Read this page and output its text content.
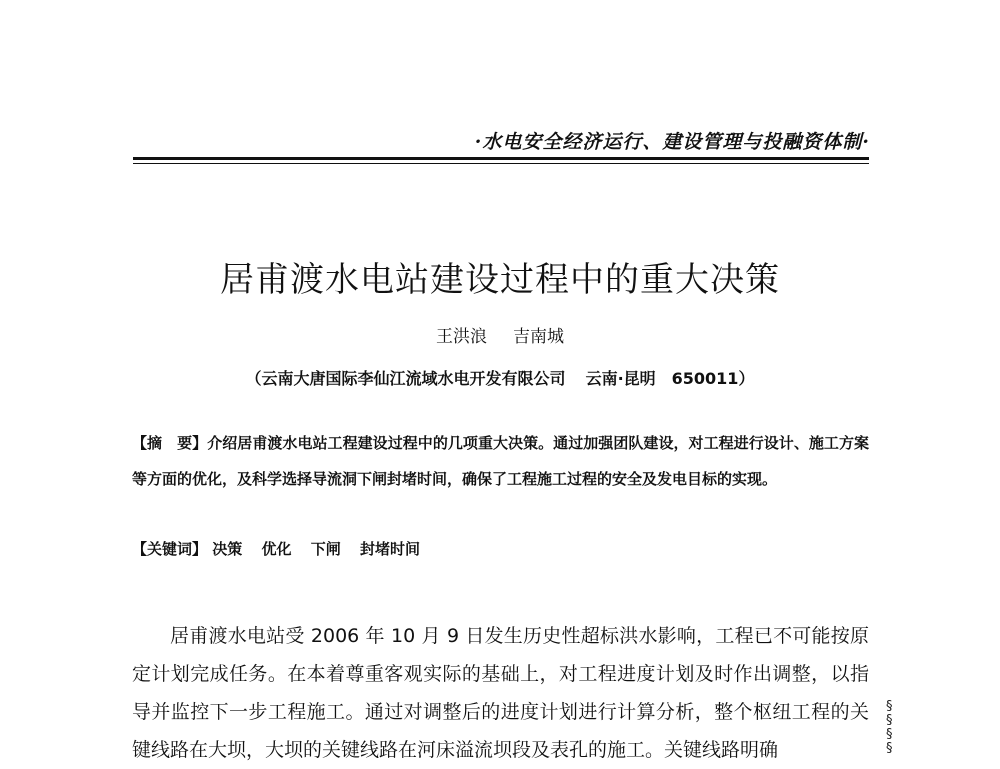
·水电安全经济运行、建设管理与投融资体制·
居甫渡水电站建设过程中的重大决策
王洪浪 吉南城
（云南大唐国际李仙江流域水电开发有限公司 云南·昆明　650011）
【摘　要】介绍居甫渡水电站工程建设过程中的几项重大决策。通过加强团队建设，对工程进行设计、施工方案等方面的优化，及科学选择导流洞下闸封堵时间，确保了工程施工过程的安全及发电目标的实现。
【关键词】 决策 优化 下闸 封堵时间
居甫渡水电站受 2006 年 10 月 9 日发生历史性超标洪水影响，工程已不可能按原定计划完成任务。在本着尊重客观实际的基础上，对工程进度计划及时作出调整，以指导并监控下一步工程施工。通过对调整后的进度计划进行计算分析，整个枢纽工程的关键线路在大坝，大坝的关键线路在河床溢流坝段及表孔的施工。关键线路明确
§
§
§
§
